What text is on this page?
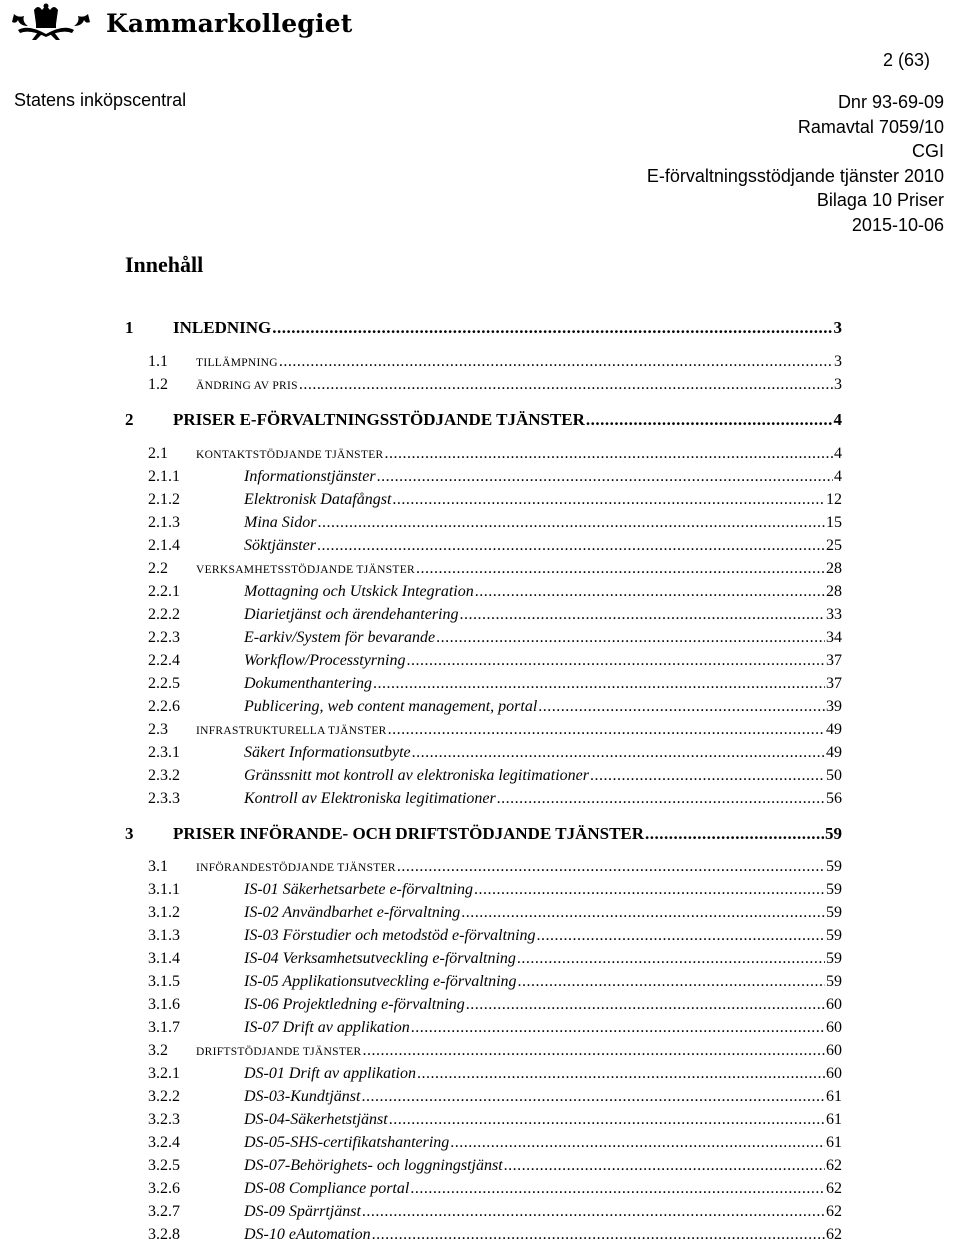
Kammarkollegiet
2 (63)
Statens inköpscentral	Dnr 93-69-09
Ramavtal 7059/10
CGI
E-förvaltningsstödjande tjänster 2010
Bilaga 10 Priser
2015-10-06
Innehåll
1	INLEDNING .....	3
1.1	TILLÄMPNING .....	3
1.2	ÄNDRING AV PRIS .....	3
2	PRISER E-FÖRVALTNINGSSTÖDJANDE TJÄNSTER .....	4
2.1	KONTAKTSTÖDJANDE TJÄNSTER .....	4
2.1.1	Informationstjänster .....	4
2.1.2	Elektronisk Datafångst .....	12
2.1.3	Mina Sidor .....	15
2.1.4	Söktjänster .....	25
2.2	VERKSAMHETSSTÖDJANDE TJÄNSTER .....	28
2.2.1	Mottagning och Utskick Integration .....	28
2.2.2	Diarietjänst och ärendehantering .....	33
2.2.3	E-arkiv/System för bevarande .....	34
2.2.4	Workflow/Processtyrning .....	37
2.2.5	Dokumenthantering .....	37
2.2.6	Publicering, web content management, portal .....	39
2.3	INFRASTRUKTURELLA TJÄNSTER .....	49
2.3.1	Säkert Informationsutbyte .....	49
2.3.2	Gränssnitt mot kontroll av elektroniska legitimationer .....	50
2.3.3	Kontroll av Elektroniska legitimationer .....	56
3	PRISER INFÖRANDE- OCH DRIFTSTÖDJANDE TJÄNSTER .....	59
3.1	INFÖRANDESTÖDJANDE TJÄNSTER .....	59
3.1.1	IS-01 Säkerhetsarbete e-förvaltning .....	59
3.1.2	IS-02 Användbarhet e-förvaltning .....	59
3.1.3	IS-03 Förstudier och metodstöd e-förvaltning .....	59
3.1.4	IS-04 Verksamhetsutveckling e-förvaltning .....	59
3.1.5	IS-05 Applikationsutveckling e-förvaltning .....	59
3.1.6	IS-06 Projektledning e-förvaltning .....	60
3.1.7	IS-07 Drift av applikation .....	60
3.2	DRIFTSTÖDJANDE TJÄNSTER .....	60
3.2.1	DS-01 Drift av applikation .....	60
3.2.2	DS-03-Kundtjänst .....	61
3.2.3	DS-04-Säkerhetstjänst .....	61
3.2.4	DS-05-SHS-certifikatshantering .....	61
3.2.5	DS-07-Behörighets- och loggningstjänst .....	62
3.2.6	DS-08 Compliance portal .....	62
3.2.7	DS-09 Spärrtjänst .....	62
3.2.8	DS-10 eAutomation .....	62
